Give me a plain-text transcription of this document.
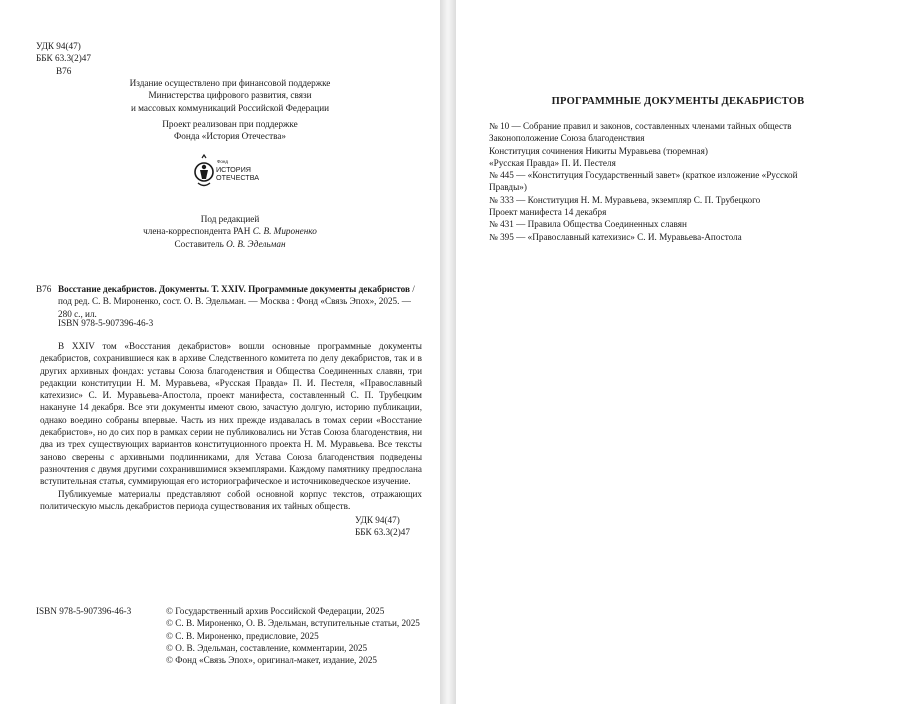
УДК 94(47)
ББК 63.3(2)47
В76
Издание осуществлено при финансовой поддержке
Министерства цифрового развития, связи
и массовых коммуникаций Российской Федерации
Проект реализован при поддержке
Фонда «История Отечества»
Фонд
ИСТОРИЯ
ОТЕЧЕСТВА
Под редакцией
члена-корреспондента РАН С. В. Мироненко
Составитель О. В. Эдельман
В76 Восстание декабристов. Документы. Т. XXIV. Программные документы декабристов /
под ред. С. В. Мироненко, сост. О. В. Эдельман. — Москва : Фонд «Связь Эпох», 2025. — 280 с., ил.
ISBN 978-5-907396-46-3

В XXIV том «Восстания декабристов» вошли основные программные документы декабристов, сохранившиеся как в архиве Следственного комитета по делу декабристов, так и в других архивных фондах: уставы Союза благоденствия и Общества Соединенных славян, три редакции конституции Н. М. Муравьева, «Русская Правда» П. И. Пестеля, «Православный катехизис» С. И. Муравьева-Апостола, проект манифеста, составленный С. П. Трубецким накануне 14 декабря. Все эти документы имеют свою, зачастую долгую, историю публикации, однако воедино собраны впервые. Часть из них прежде издавалась в томах серии «Восстание декабристов», но до сих пор в рамках серии не публиковались ни Устав Союза благоденствия, ни два из трех существующих вариантов конституционного проекта Н. М. Муравьева. Все тексты заново сверены с архивными подлинниками, для Устава Союза благоденствия подведены разночтения с двумя другими сохранившимися экземплярами. Каждому памятнику предпослана вступительная статья, суммирующая его историографическое и источниковедческое изучение.

Публикуемые материалы представляют собой основной корпус текстов, отражающих политическую мысль декабристов периода существования их тайных обществ.

УДК 94(47)
ББК 63.3(2)47
ISBN 978-5-907396-46-3	© Государственный архив Российской Федерации, 2025
© С. В. Мироненко, О. В. Эдельман, вступительные статьи, 2025
© С. В. Мироненко, предисловие, 2025
© О. В. Эдельман, составление, комментарии, 2025
© Фонд «Связь Эпох», оригинал-макет, издание, 2025
ПРОГРАММНЫЕ ДОКУМЕНТЫ ДЕКАБРИСТОВ
№ 10 — Собрание правил и законов, составленных членами тайных обществ
Законоположение Союза благоденствия
Конституция сочинения Никиты Муравьева (тюремная)
«Русская Правда» П. И. Пестеля
№ 445 — «Конституция Государственный завет» (краткое изложение «Русской Правды»)
№ 333 — Конституция Н. М. Муравьева, экземпляр С. П. Трубецкого
Проект манифеста 14 декабря
№ 431 — Правила Общества Соединенных славян
№ 395 — «Православный катехизис» С. И. Муравьева-Апостола
